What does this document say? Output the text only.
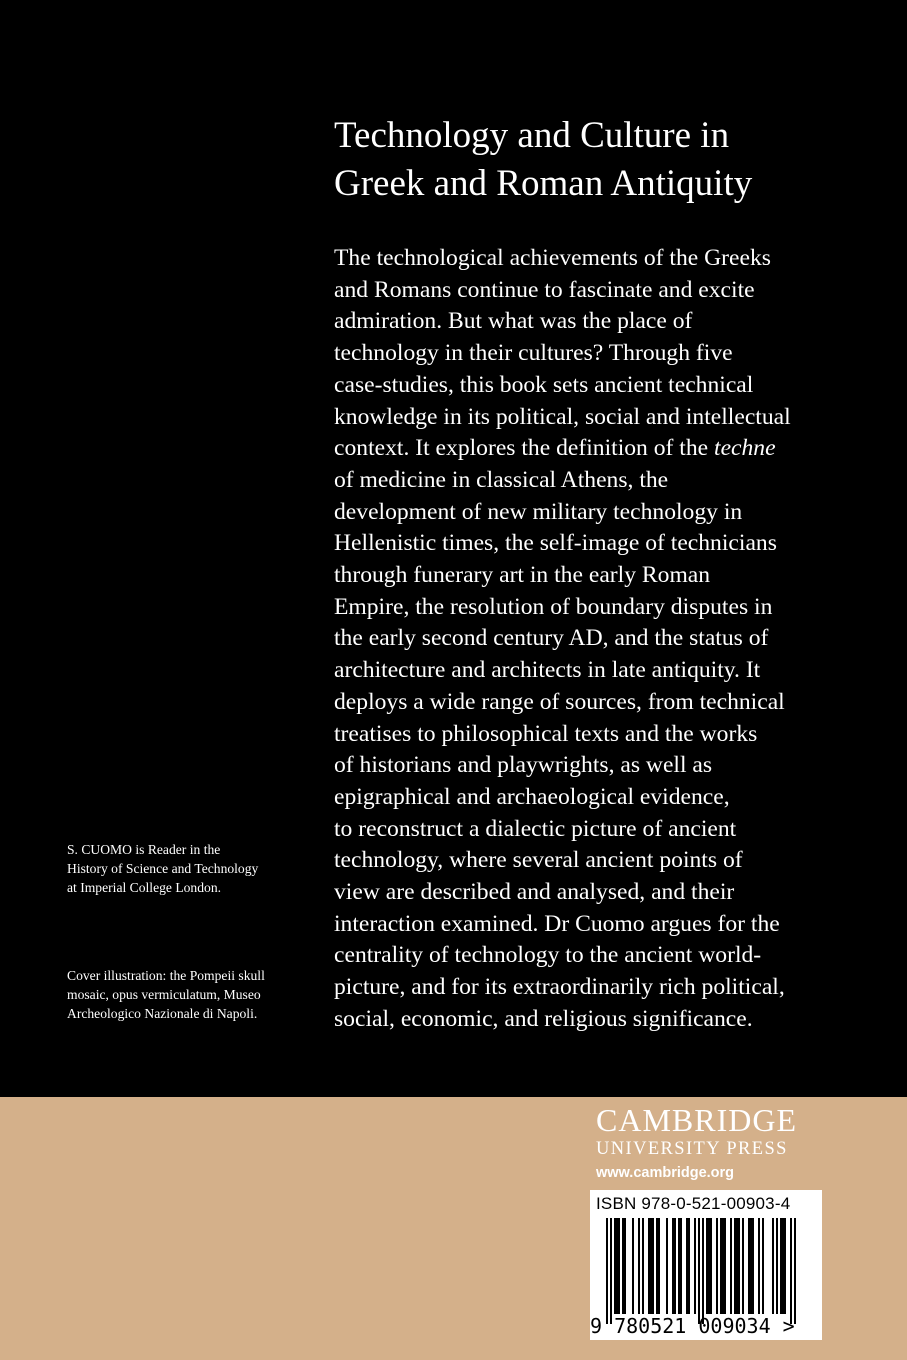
Technology and Culture in
Greek and Roman Antiquity
The technological achievements of the Greeks
and Romans continue to fascinate and excite
admiration. But what was the place of
technology in their cultures? Through five
case-studies, this book sets ancient technical
knowledge in its political, social and intellectual
context. It explores the definition of the techne
of medicine in classical Athens, the
development of new military technology in
Hellenistic times, the self-image of technicians
through funerary art in the early Roman
Empire, the resolution of boundary disputes in
the early second century AD, and the status of
architecture and architects in late antiquity. It
deploys a wide range of sources, from technical
treatises to philosophical texts and the works
of historians and playwrights, as well as
epigraphical and archaeological evidence,
to reconstruct a dialectic picture of ancient
technology, where several ancient points of
view are described and analysed, and their
interaction examined. Dr Cuomo argues for the
centrality of technology to the ancient world-
picture, and for its extraordinarily rich political,
social, economic, and religious significance.
S. CUOMO is Reader in the
History of Science and Technology
at Imperial College London.
Cover illustration: the Pompeii skull
mosaic, opus vermiculatum, Museo
Archeologico Nazionale di Napoli.
CAMBRIDGE
UNIVERSITY PRESS
www.cambridge.org
ISBN 978-0-521-00903-4
9 780521 009034 >
